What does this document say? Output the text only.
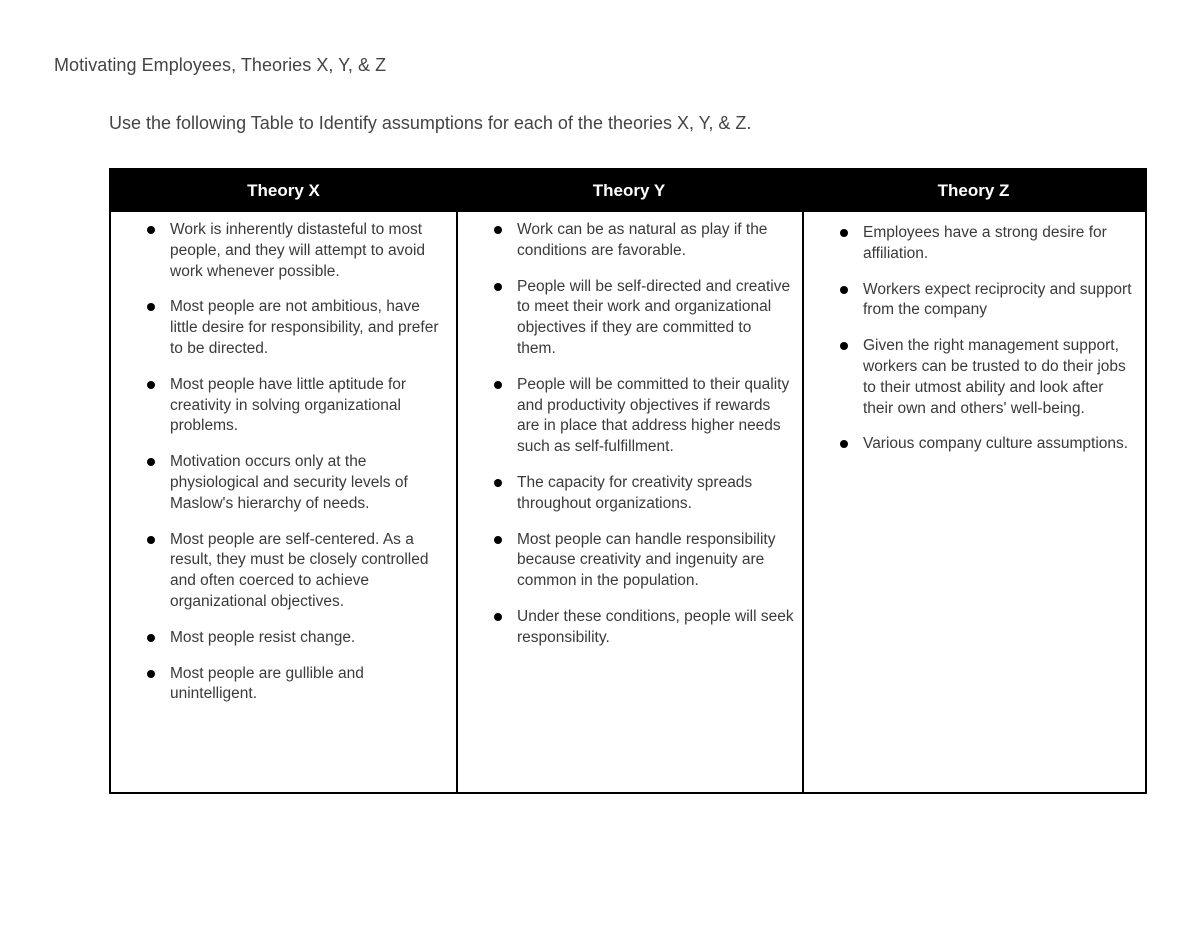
Motivating Employees, Theories X, Y, & Z
Use the following Table to Identify assumptions for each of the theories X, Y, & Z.
Theory X	Theory Y	Theory Z
Work is inherently distasteful to most people, and they will attempt to avoid work whenever possible.
Most people are not ambitious, have little desire for responsibility, and prefer to be directed.
Most people have little aptitude for creativity in solving organizational problems.
Motivation occurs only at the physiological and security levels of Maslow's hierarchy of needs.
Most people are self-centered. As a result, they must be closely controlled and often coerced to achieve organizational objectives.
Most people resist change.
Most people are gullible and unintelligent.
Work can be as natural as play if the conditions are favorable.
People will be self-directed and creative to meet their work and organizational objectives if they are committed to them.
People will be committed to their quality and productivity objectives if rewards are in place that address higher needs such as self-fulfillment.
The capacity for creativity spreads throughout organizations.
Most people can handle responsibility because creativity and ingenuity are common in the population.
Under these conditions, people will seek responsibility.
Employees have a strong desire for affiliation.
Workers expect reciprocity and support from the company
Given the right management support, workers can be trusted to do their jobs to their utmost ability and look after their own and others' well-being.
Various company culture assumptions.
